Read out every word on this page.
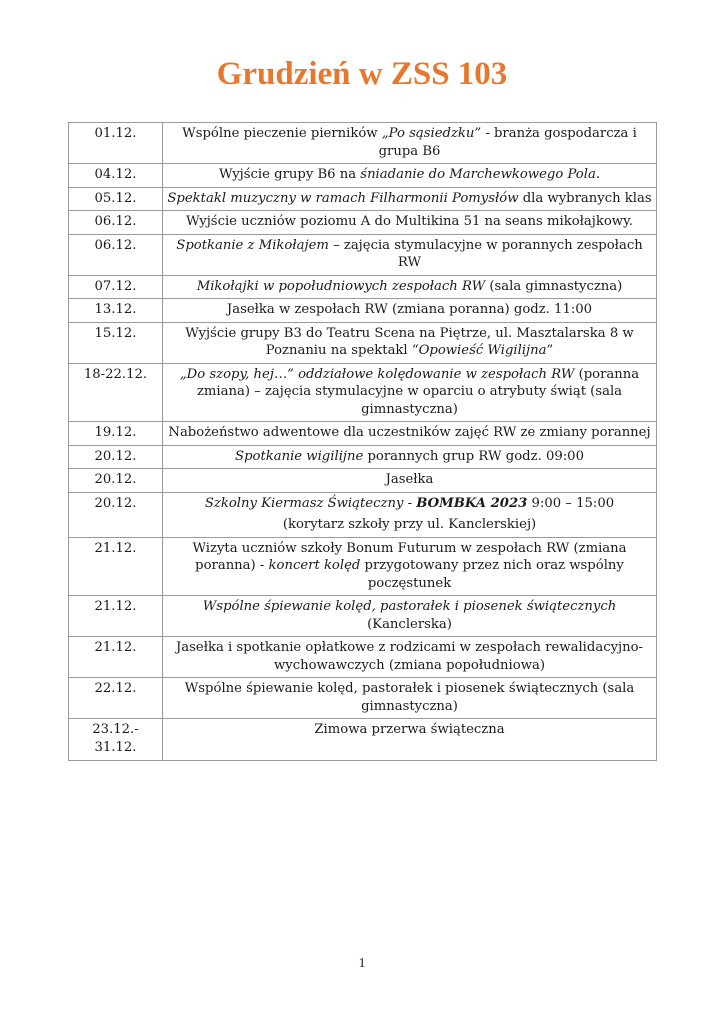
Grudzień w ZSS 103
01.12.	Wspólne pieczenie pierników „Po sąsiedzku” - branża gospodarcza i grupa B6
04.12.	Wyjście grupy B6 na śniadanie do Marchewkowego Pola.
05.12.	Spektakl muzyczny w ramach Filharmonii Pomysłów dla wybranych klas
06.12.	Wyjście uczniów poziomu A do Multikina 51 na seans mikołajkowy.
06.12.	Spotkanie z Mikołajem – zajęcia stymulacyjne w porannych zespołach RW
07.12.	Mikołajki w popołudniowych zespołach RW (sala gimnastyczna)
13.12.	Jasełka w zespołach RW (zmiana poranna) godz. 11:00
15.12.	Wyjście grupy B3 do Teatru Scena na Piętrze, ul. Masztalarska 8 w Poznaniu na spektakl “Opowieść Wigilijna”
18-22.12.	„Do szopy, hej…” oddziałowe kolędowanie w zespołach RW (poranna zmiana) – zajęcia stymulacyjne w oparciu o atrybuty świąt (sala gimnastyczna)
19.12.	Nabożeństwo adwentowe dla uczestników zajęć RW ze zmiany porannej
20.12.	Spotkanie wigilijne porannych grup RW godz. 09:00
20.12.	Jasełka
20.12.	Szkolny Kiermasz Świąteczny - BOMBKA 2023 9:00 – 15:00
(korytarz szkoły przy ul. Kanclerskiej)

21.12.	Wizyta uczniów szkoły Bonum Futurum w zespołach RW (zmiana poranna) - koncert kolęd przygotowany przez nich oraz wspólny poczęstunek
21.12.	Wspólne śpiewanie kolęd, pastorałek i piosenek świątecznych (Kanclerska)
21.12.	Jasełka i spotkanie opłatkowe z rodzicami w zespołach rewalidacyjno-wychowawczych (zmiana popołudniowa)
22.12.	Wspólne śpiewanie kolęd, pastorałek i piosenek świątecznych (sala gimnastyczna)
23.12.- 31.12.	Zimowa przerwa świąteczna
1
